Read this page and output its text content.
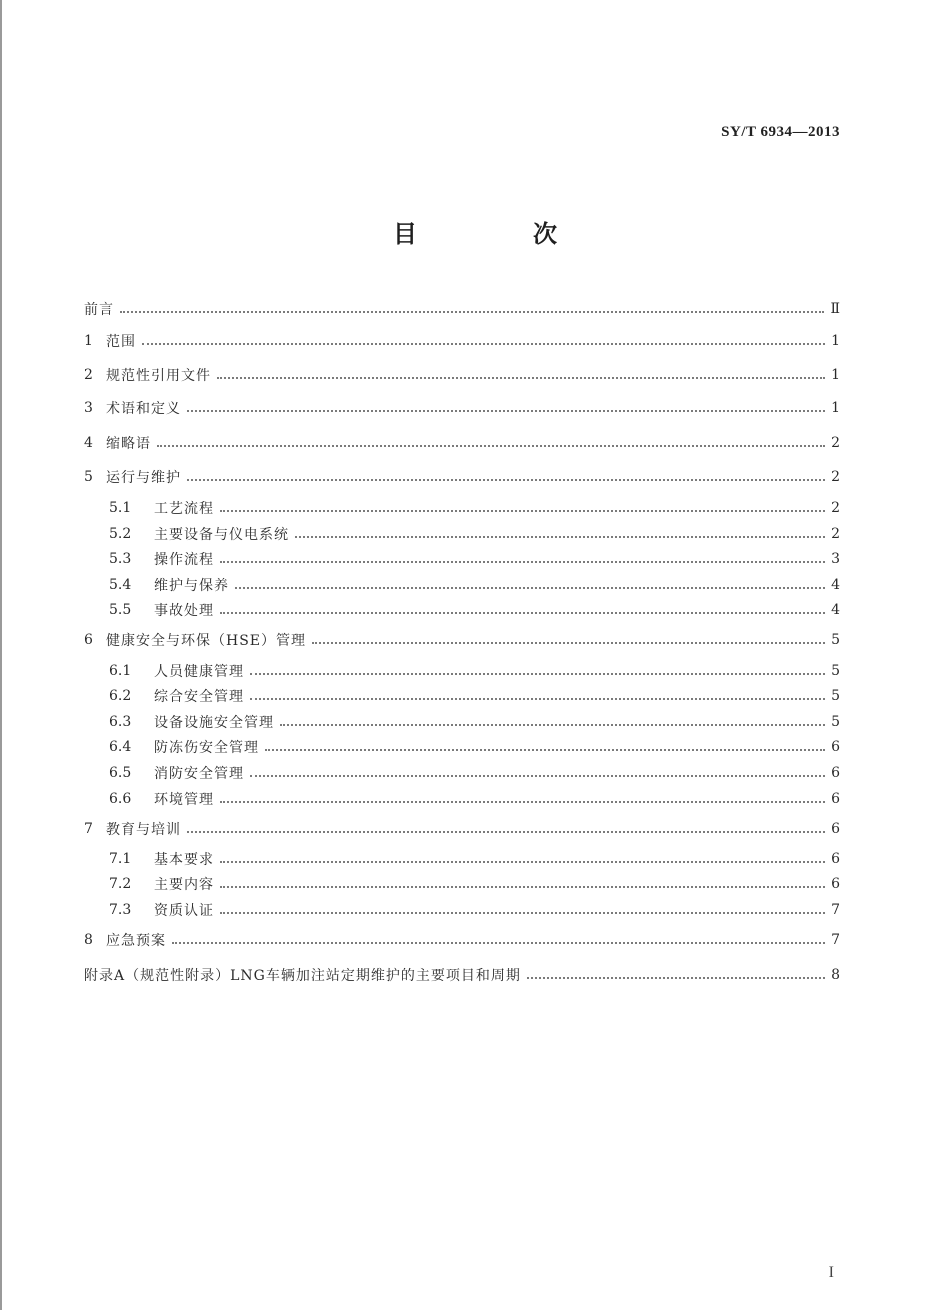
SY/T 6934—2013
目　次
前言	Ⅱ
1 范围	1
2 规范性引用文件	1
3 术语和定义	1
4 缩略语	2
5 运行与维护	2
5.1	工艺流程	2
5.2	主要设备与仪电系统	2
5.3	操作流程	3
5.4	维护与保养	4
5.5	事故处理	4
6 健康安全与环保（HSE）管理	5
6.1	人员健康管理	5
6.2	综合安全管理	5
6.3	设备设施安全管理	5
6.4	防冻伤安全管理	6
6.5	消防安全管理	6
6.6	环境管理	6
7 教育与培训	6
7.1	基本要求	6
7.2	主要内容	6
7.3	资质认证	7
8 应急预案	7
附录A（规范性附录）LNG车辆加注站定期维护的主要项目和周期	8
I
